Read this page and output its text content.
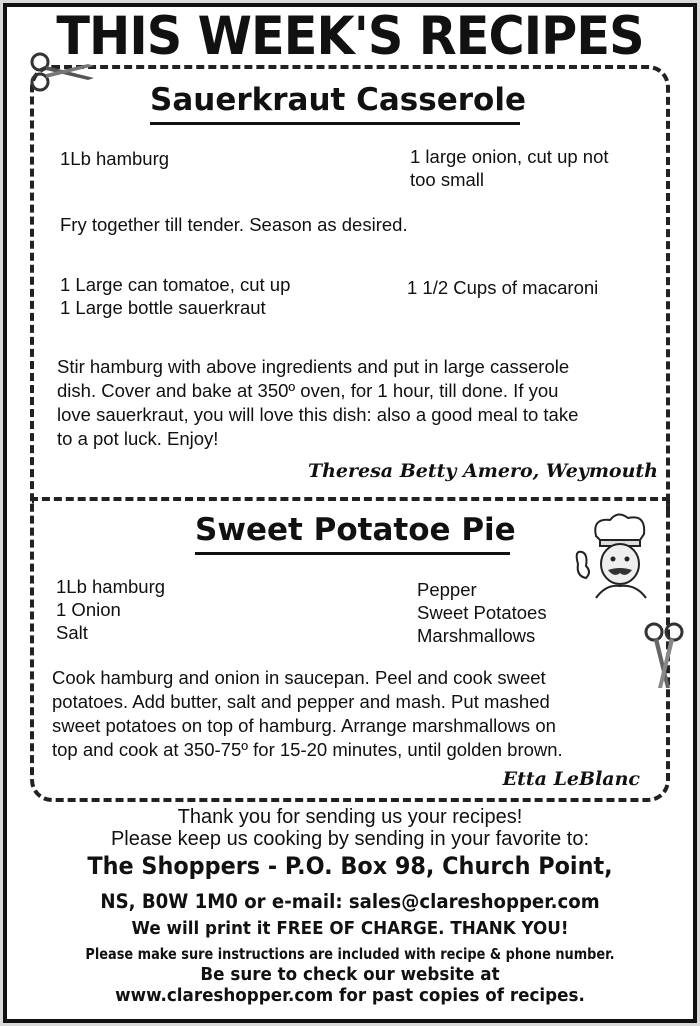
THIS WEEK'S RECIPES
Sauerkraut Casserole
1Lb hamburg	1 large onion, cut up not
too small
Fry together till tender. Season as desired.
1 Large can tomatoe, cut up
1 Large bottle sauerkraut
1 1/2 Cups of macaroni
Stir hamburg with above ingredients and put in large casserole
dish. Cover and bake at 350º oven, for 1 hour, till done. If you
love sauerkraut, you will love this dish: also a good meal to take
to a pot luck. Enjoy!
Theresa Betty Amero, Weymouth
Sweet Potatoe Pie
1Lb hamburg
1 Onion
Salt
Pepper
Sweet Potatoes
Marshmallows
Cook hamburg and onion in saucepan. Peel and cook sweet
potatoes. Add butter, salt and pepper and mash. Put mashed
sweet potatoes on top of hamburg. Arrange marshmallows on
top and cook at 350-75º for 15-20 minutes, until golden brown.
Etta LeBlanc
Thank you for sending us your recipes!
Please keep us cooking by sending in your favorite to:
The Shoppers - P.O. Box 98, Church Point,
NS, B0W 1M0 or e-mail: sales@clareshopper.com
We will print it FREE OF CHARGE. THANK YOU!
Please make sure instructions are included with recipe & phone number.
Be sure to check our website at
www.clareshopper.com for past copies of recipes.
